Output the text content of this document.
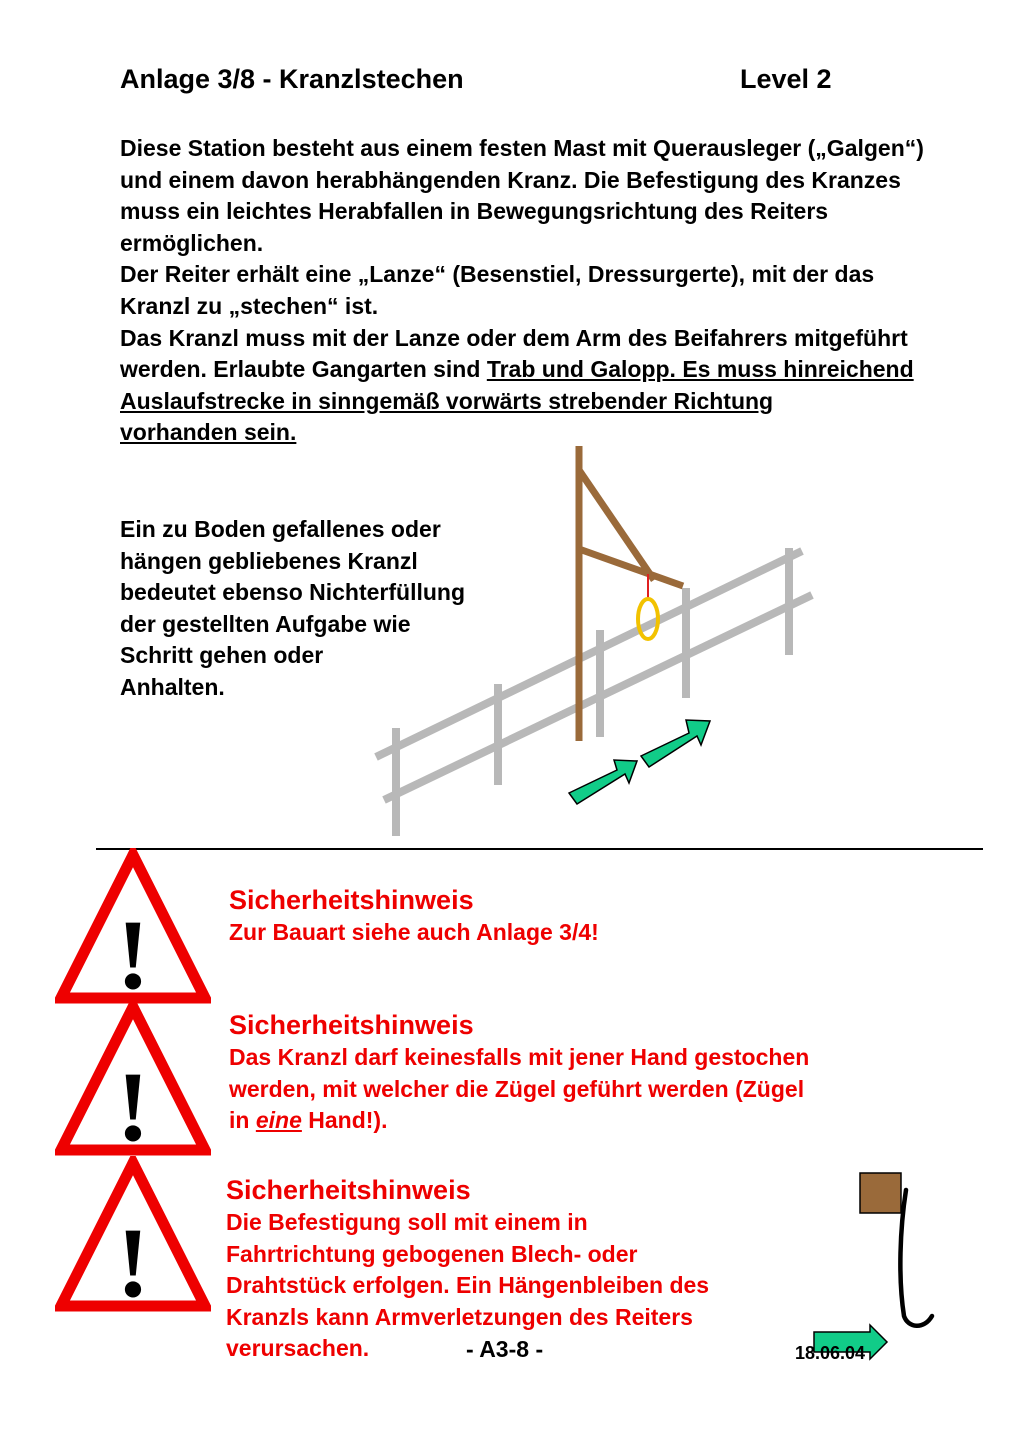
Anlage 3/8 - Kranzlstechen	Level 2

Diese Station besteht aus einem festen Mast mit Querausleger („Galgen“) und einem davon herabhängenden Kranz. Die Befestigung des Kranzes muss ein leichtes Herabfallen in Bewegungsrichtung des Reiters ermöglichen.

Der Reiter erhält eine „Lanze“ (Besenstiel, Dressurgerte), mit der das Kranzl zu „stechen“ ist.

Das Kranzl muss mit der Lanze oder dem Arm des Beifahrers mitgeführt werden. Erlaubte Gangarten sind Trab und Galopp. Es muss hinreichend Auslaufstrecke in sinngemäß vorwärts strebender Richtung
vorhanden sein.

Ein zu Boden gefallenes oder
hängen gebliebenes Kranzl
bedeutet ebenso Nichterfüllung
der gestellten Aufgabe wie
Schritt gehen oder
Anhalten.

!
!
!
Sicherheitshinweis
Zur Bauart siehe auch Anlage 3/4!
Sicherheitshinweis
Das Kranzl darf keinesfalls mit jener Hand gestochen
werden, mit welcher die Zügel geführt werden (Zügel
in eine Hand!).
Sicherheitshinweis
Die Befestigung soll mit einem in
Fahrtrichtung gebogenen Blech- oder
Drahtstück erfolgen. Ein Hängenbleiben des
Kranzls kann Armverletzungen des Reiters
verursachen.	- A3-8 -	18.06.04
